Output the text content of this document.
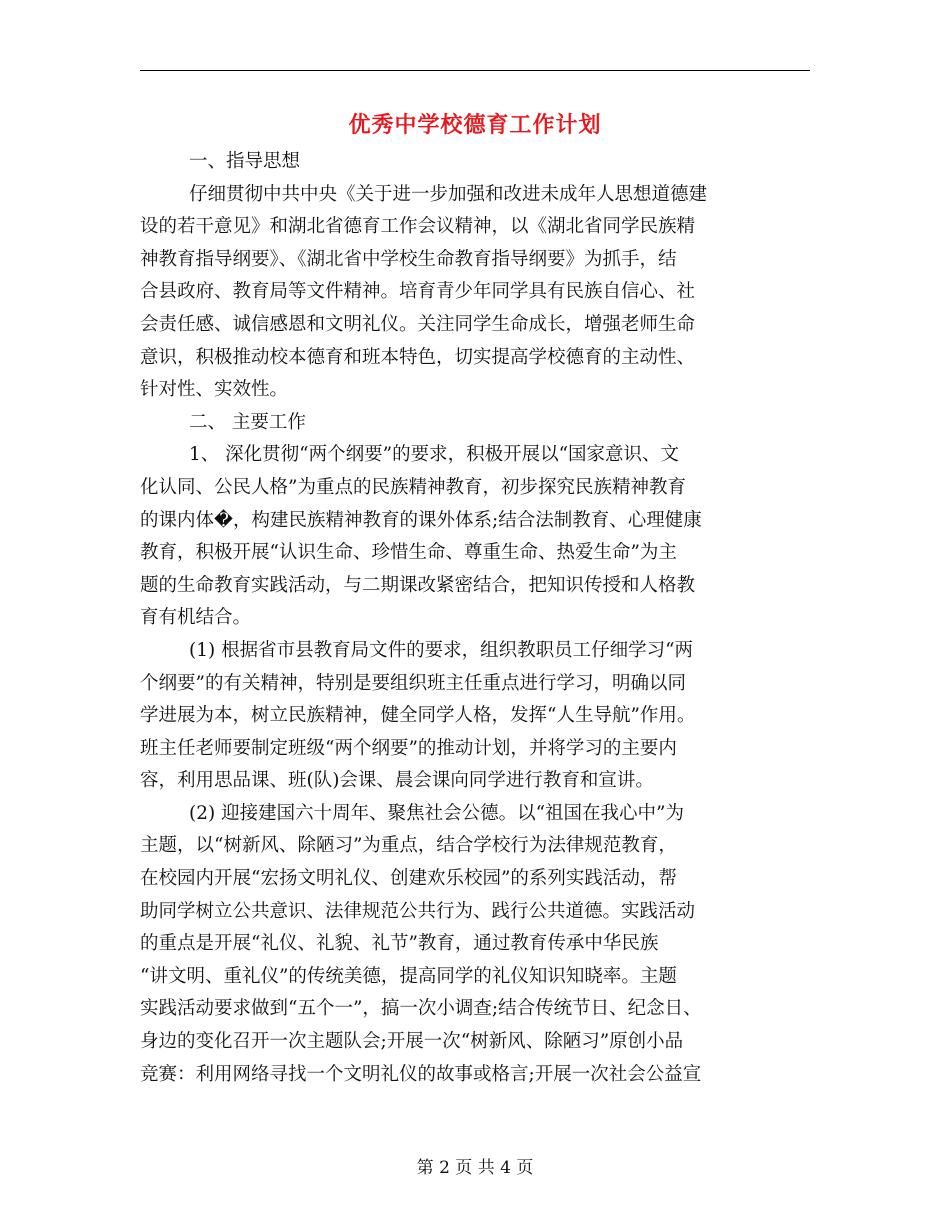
优秀中学校德育工作计划
一、指导思想
仔细贯彻中共中央《关于进一步加强和改进未成年人思想道德建
设的若干意见》和湖北省德育工作会议精神，以《湖北省同学民族精
神教育指导纲要》、《湖北省中学校生命教育指导纲要》为抓手，结
合县政府、教育局等文件精神。培育青少年同学具有民族自信心、社
会责任感、诚信感恩和文明礼仪。关注同学生命成长，增强老师生命
意识，积极推动校本德育和班本特色，切实提高学校德育的主动性、
针对性、实效性。
二、 主要工作
1、 深化贯彻“两个纲要”的要求，积极开展以“国家意识、文
化认同、公民人格”为重点的民族精神教育，初步探究民族精神教育
的课内体�，构建民族精神教育的课外体系;结合法制教育、心理健康
教育，积极开展“认识生命、珍惜生命、尊重生命、热爱生命”为主
题的生命教育实践活动，与二期课改紧密结合，把知识传授和人格教
育有机结合。
(1) 根据省市县教育局文件的要求，组织教职员工仔细学习“两
个纲要”的有关精神，特别是要组织班主任重点进行学习，明确以同
学进展为本，树立民族精神，健全同学人格，发挥“人生导航”作用。
班主任老师要制定班级“两个纲要”的推动计划，并将学习的主要内
容，利用思品课、班(队)会课、晨会课向同学进行教育和宣讲。
(2) 迎接建国六十周年、聚焦社会公德。以“祖国在我心中”为
主题，以“树新风、除陋习”为重点，结合学校行为法律规范教育，
在校园内开展“宏扬文明礼仪、创建欢乐校园”的系列实践活动，帮
助同学树立公共意识、法律规范公共行为、践行公共道德。实践活动
的重点是开展“礼仪、礼貌、礼节”教育，通过教育传承中华民族
“讲文明、重礼仪”的传统美德，提高同学的礼仪知识知晓率。主题
实践活动要求做到“五个一”，搞一次小调查;结合传统节日、纪念日、
身边的变化召开一次主题队会;开展一次“树新风、除陋习”原创小品
竞赛：利用网络寻找一个文明礼仪的故事或格言;开展一次社会公益宣
第 2 页 共 4 页
